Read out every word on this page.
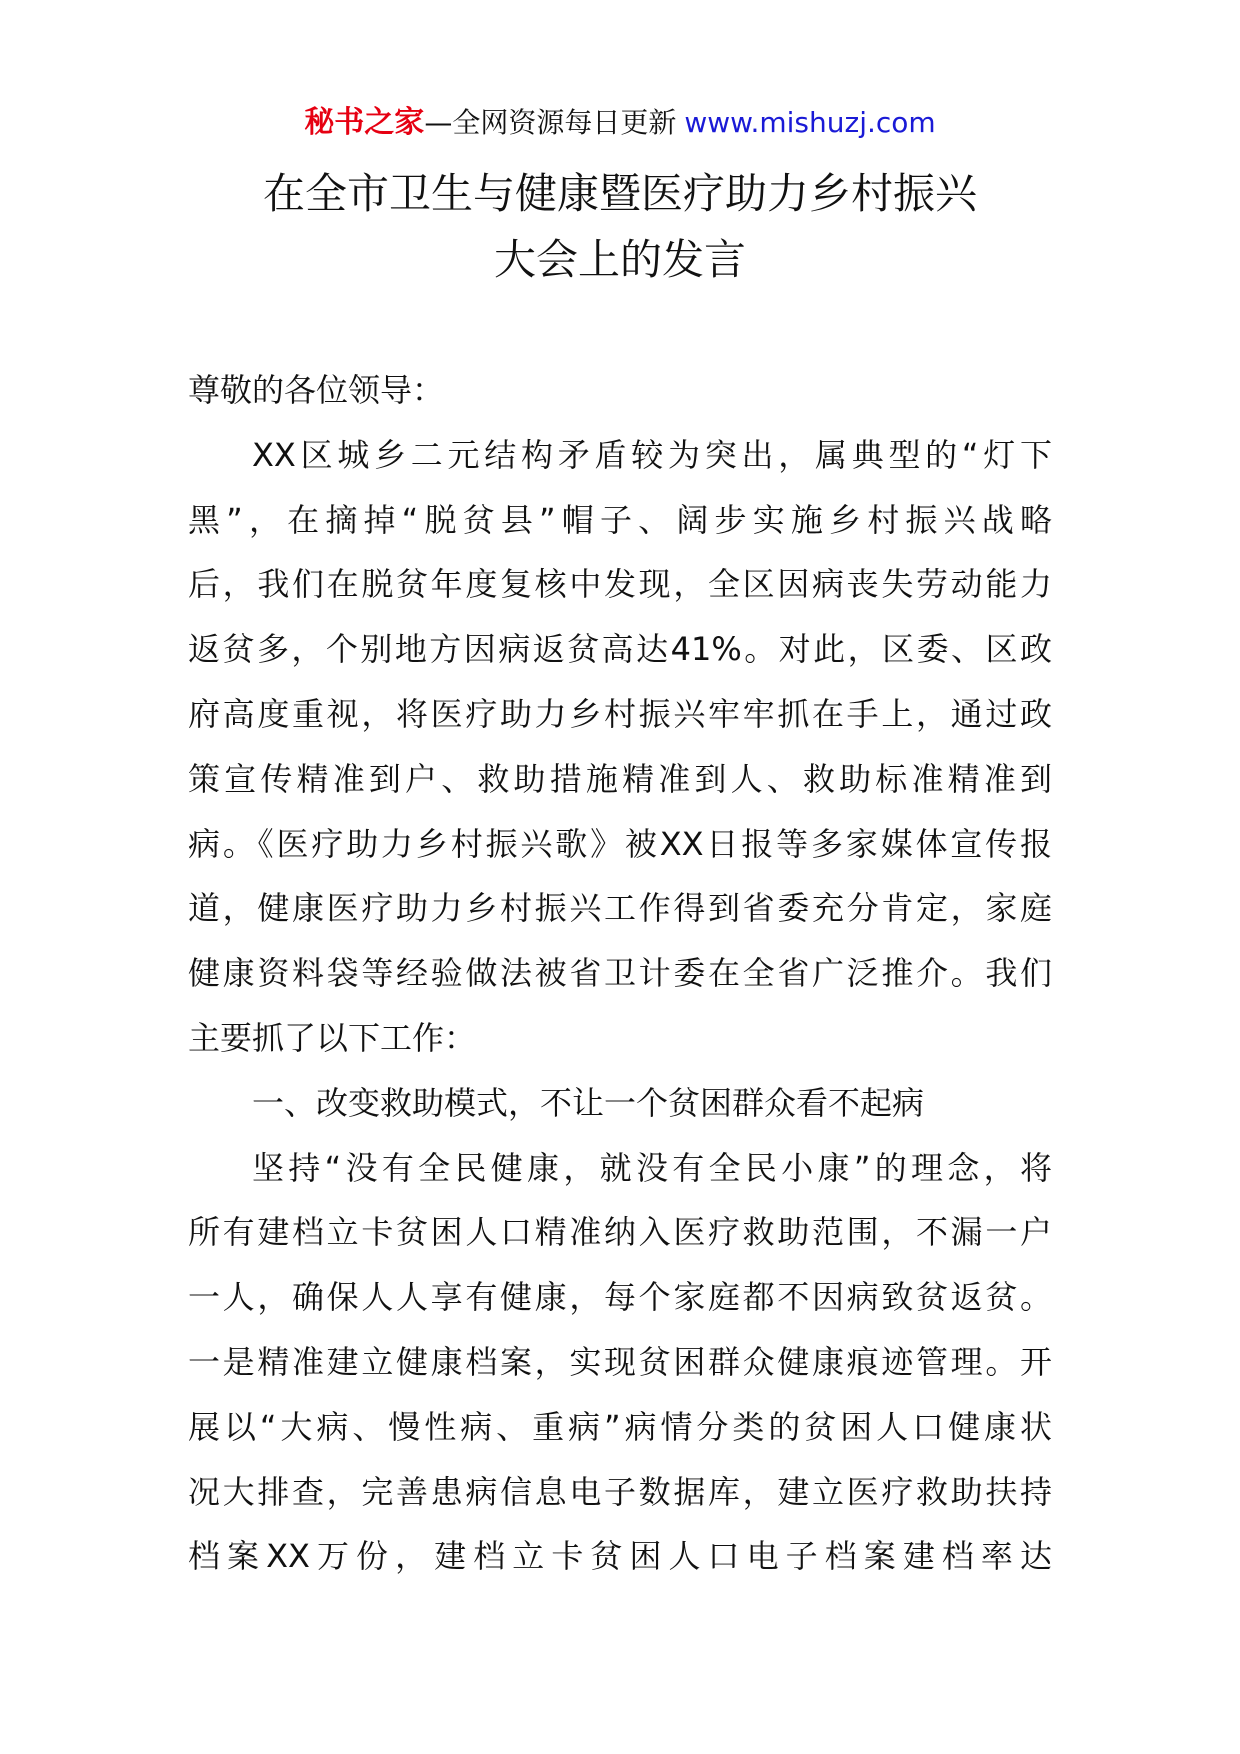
秘书之家—全网资源每日更新 www.mishuzj.com
在全市卫生与健康暨医疗助力乡村振兴
大会上的发言
尊敬的各位领导：
XX区城乡二元结构矛盾较为突出，属典型的“灯下
黑”，在摘掉“脱贫县”帽子、阔步实施乡村振兴战略
后，我们在脱贫年度复核中发现，全区因病丧失劳动能力
返贫多，个别地方因病返贫高达41%。对此，区委、区政
府高度重视，将医疗助力乡村振兴牢牢抓在手上，通过政
策宣传精准到户、救助措施精准到人、救助标准精准到
病。《医疗助力乡村振兴歌》被XX日报等多家媒体宣传报
道，健康医疗助力乡村振兴工作得到省委充分肯定，家庭
健康资料袋等经验做法被省卫计委在全省广泛推介。我们
主要抓了以下工作：
一、改变救助模式，不让一个贫困群众看不起病
坚持“没有全民健康，就没有全民小康”的理念，将
所有建档立卡贫困人口精准纳入医疗救助范围，不漏一户
一人，确保人人享有健康，每个家庭都不因病致贫返贫。
一是精准建立健康档案，实现贫困群众健康痕迹管理。开
展以“大病、慢性病、重病”病情分类的贫困人口健康状
况大排查，完善患病信息电子数据库，建立医疗救助扶持
档案XX万份，建档立卡贫困人口电子档案建档率达
